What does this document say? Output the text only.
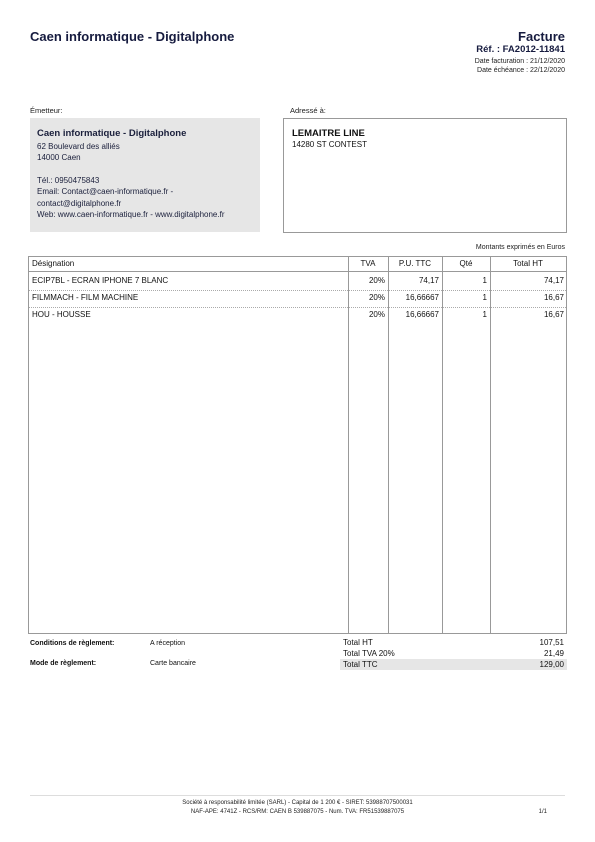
Caen informatique - Digitalphone	Facture
Réf. : FA2012-11841
Date facturation : 21/12/2020
Date échéance : 22/12/2020
Émetteur:
Caen informatique - Digitalphone
62 Boulevard des alliés
14000 Caen
Tél.: 0950475843
Email: Contact@caen-informatique.fr -
contact@digitalphone.fr
Web: www.caen-informatique.fr - www.digitalphone.fr
Adressé à:
LEMAITRE LINE
14280 ST CONTEST
Montants exprimés en Euros
Désignation	TVA	P.U. TTC	Qté	Total HT
ECIP7BL - ECRAN IPHONE 7 BLANC	20%	74,17	1	74,17
FILMMACH - FILM MACHINE	20%	16,66667	1	16,67
HOU - HOUSSE	20%	16,66667	1	16,67
Conditions de règlement:	A réception
Mode de règlement:	Carte bancaire
Total HT	107,51
Total TVA 20%	21,49
Total TTC	129,00
Société à responsabilité limitée (SARL) - Capital de 1 200 € - SIRET: 53988707500031
NAF-APE: 4741Z - RCS/RM: CAEN B 539887075 - Num. TVA: FR51539887075	1/1
